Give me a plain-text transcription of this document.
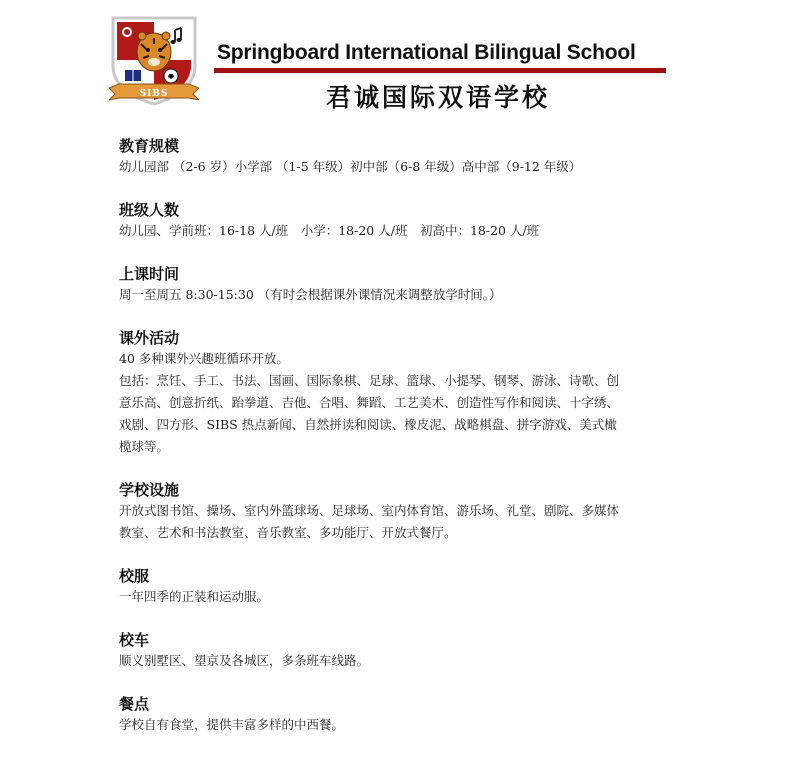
SIBS
Springboard International Bilingual School
君诚国际双语学校

教育规模

幼儿园部 （2-6 岁）小学部 （1-5 年级）初中部（6-8 年级）高中部（9-12 年级）

班级人数

幼儿园、学前班：16-18 人/班　小学：18-20 人/班　初高中：18-20 人/班

上课时间

周一至周五 8:30-15:30 （有时会根据课外课情况来调整放学时间。）

课外活动

40 多种课外兴趣班循环开放。

包括：烹饪、手工、书法、国画、国际象棋、足球、篮球、小提琴、钢琴、游泳、诗歌、创

意乐高、创意折纸、跆拳道、吉他、合唱、舞蹈、工艺美术、创造性写作和阅读、十字绣、

戏剧、四方形、SIBS 热点新闻、自然拼读和阅读、橡皮泥、战略棋盘、拼字游戏、美式橄

榄球等。

学校设施

开放式图书馆、操场、室内外篮球场、足球场、室内体育馆、游乐场、礼堂、剧院、多媒体

教室、艺术和书法教室、音乐教室、多功能厅、开放式餐厅。

校服

一年四季的正装和运动服。

校车

顺义别墅区、望京及各城区，多条班车线路。

餐点

学校自有食堂，提供丰富多样的中西餐。
